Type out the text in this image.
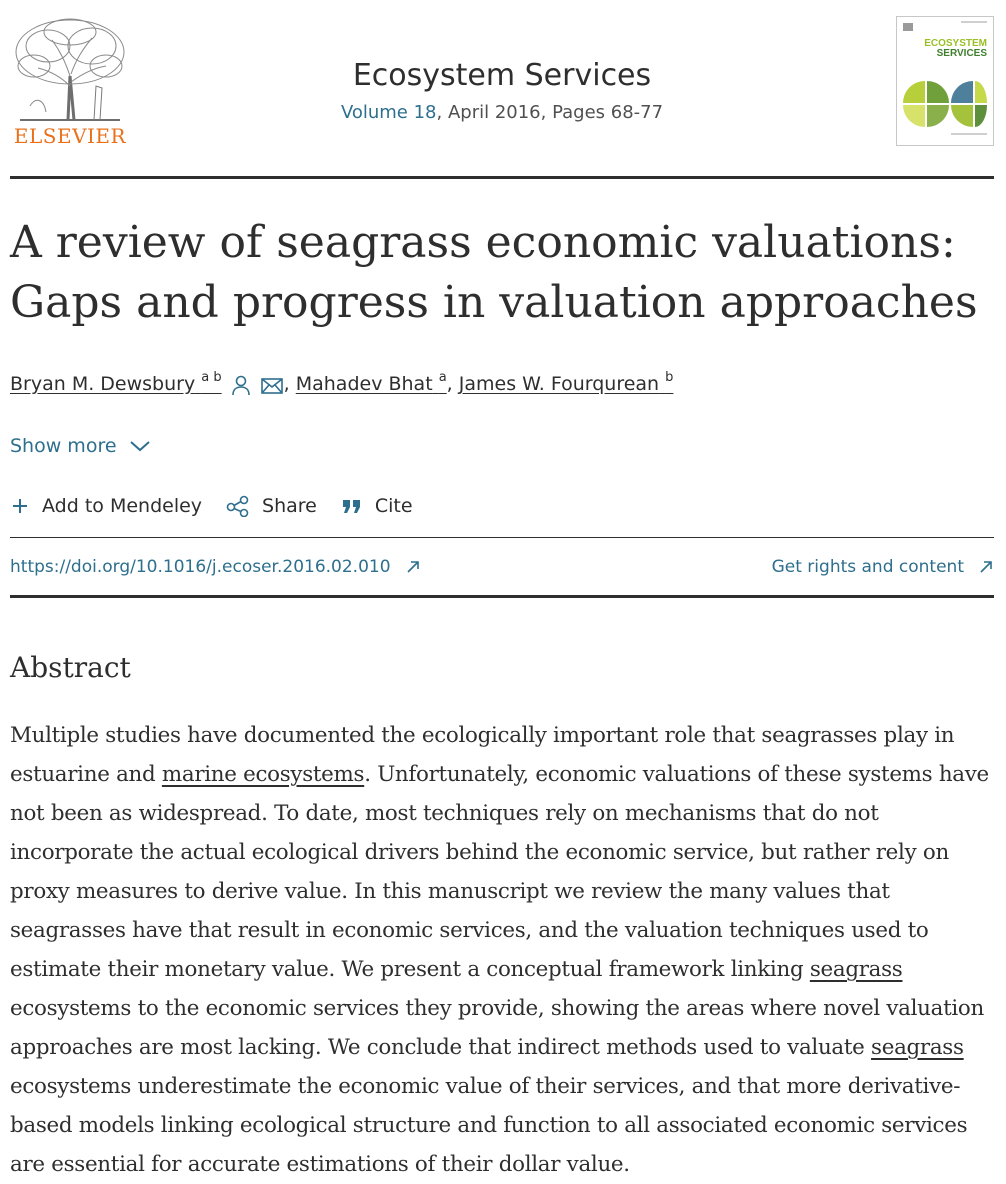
ELSEVIER
Ecosystem Services
Volume 18, April 2016, Pages 68-77
ECOSYSTEM
SERVICES
A review of seagrass economic valuations: Gaps and progress in valuation approaches
Bryan M. Dewsbury $^{a b}$	, Mahadev Bhat $^a$, James W. Fourqurean $^b$
Show more
Add to Mendeley	Share	Cite
https://doi.org/10.1016/j.ecoser.2016.02.010	Get rights and content
Abstract

Multiple studies have documented the ecologically important role that seagrasses play in estuarine and marine ecosystems. Unfortunately, economic valuations of these systems have not been as widespread. To date, most techniques rely on mechanisms that do not incorporate the actual ecological drivers behind the economic service, but rather rely on proxy measures to derive value. In this manuscript we review the many values that seagrasses have that result in economic services, and the valuation techniques used to estimate their monetary value. We present a conceptual framework linking seagrass ecosystems to the economic services they provide, showing the areas where novel valuation approaches are most lacking. We conclude that indirect methods used to valuate seagrass ecosystems underestimate the economic value of their services, and that more derivative-based models linking ecological structure and function to all associated economic services are essential for accurate estimations of their dollar value.
